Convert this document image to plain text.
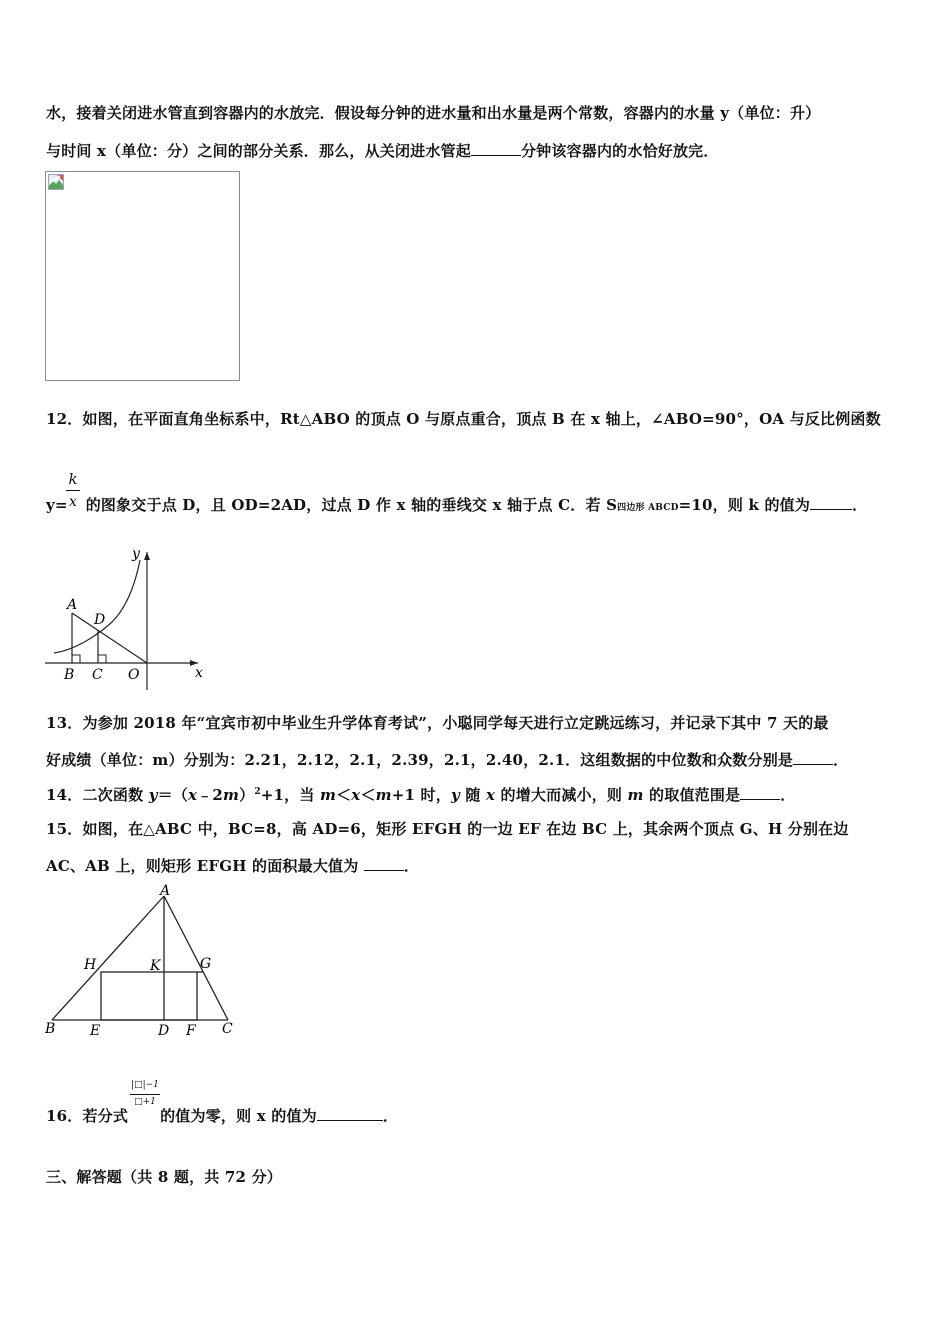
水，接着关闭进水管直到容器内的水放完．假设每分钟的进水量和出水量是两个常数，容器内的水量 y（单位：升）
与时间 x（单位：分）之间的部分关系．那么，从关闭进水管起	分钟该容器内的水恰好放完．
12．如图，在平面直角坐标系中，Rt△ABO 的顶点 O 与原点重合，顶点 B 在 x 轴上，∠ABO=90°，OA 与反比例函数
y= 的图象交于点 D，且 OD=2AD，过点 D 作 x 轴的垂线交 x 轴于点 C．若 S四边形 ABCD=10，则 k 的值为	．
k
x
y
x
A
D
B C O
13．为参加 2018 年“宜宾市初中毕业生升学体育考试”，小聪同学每天进行立定跳远练习，并记录下其中 7 天的最
好成绩（单位：m）分别为：2.21，2.12，2.1，2.39，2.1，2.40，2.1．这组数据的中位数和众数分别是	．
14．二次函数 y＝（x﹣2m）$^2$+1，当 m＜x＜m+1 时，y 随 x 的增大而减小，则 m 的取值范围是	．
15．如图，在△ABC 中，BC=8，高 AD=6，矩形 EFGH 的一边 EF 在边 BC 上，其余两个顶点 G、H 分别在边
AC、AB 上，则矩形 EFGH 的面积最大值为	．
A
H	K	G
B E	D F C
|□|−1
□+1
16．若分式 的值为零，则 x 的值为	．
三、解答题（共 8 题，共 72 分）
